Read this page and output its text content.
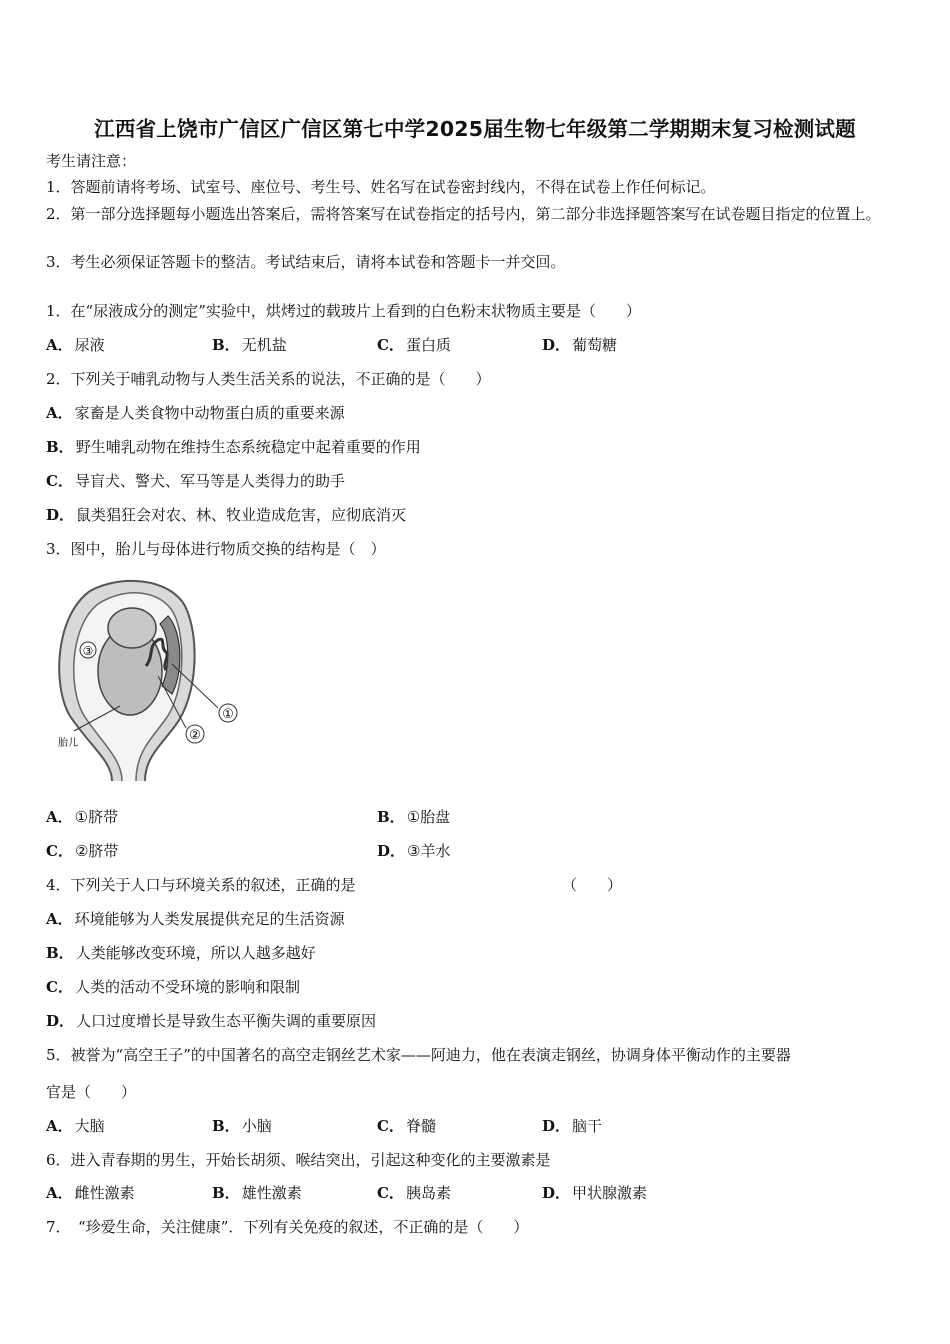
江西省上饶市广信区广信区第七中学2025届生物七年级第二学期期末复习检测试题
考生请注意：
1．答题前请将考场、试室号、座位号、考生号、姓名写在试卷密封线内，不得在试卷上作任何标记。
2．第一部分选择题每小题选出答案后，需将答案写在试卷指定的括号内，第二部分非选择题答案写在试卷题目指定的位置上。
3．考生必须保证答题卡的整洁。考试结束后，请将本试卷和答题卡一并交回。
1．在“尿液成分的测定”实验中，烘烤过的载玻片上看到的白色粉末状物质主要是（　　）
A． 尿液	B． 无机盐	C． 蛋白质	D． 葡萄糖
2．下列关于哺乳动物与人类生活关系的说法，不正确的是（　　）
A． 家畜是人类食物中动物蛋白质的重要来源
B． 野生哺乳动物在维持生态系统稳定中起着重要的作用
C． 导盲犬、警犬、军马等是人类得力的助手
D． 鼠类猖狂会对农、林、牧业造成危害，应彻底消灭
3．图中，胎儿与母体进行物质交换的结构是（　）
①
②
③
胎儿
A． ①脐带	B． ①胎盘
C． ②脐带	D． ③羊水
4．下列关于人口与环境关系的叙述，正确的是	（　　）
A． 环境能够为人类发展提供充足的生活资源
B． 人类能够改变环境，所以人越多越好
C． 人类的活动不受环境的影响和限制
D． 人口过度增长是导致生态平衡失调的重要原因
5．被誉为“高空王子”的中国著名的高空走钢丝艺术家——阿迪力，他在表演走钢丝，协调身体平衡动作的主要器
官是（　　）
A． 大脑	B． 小脑	C． 脊髓	D． 脑干
6．进入青春期的男生，开始长胡须、喉结突出，引起这种变化的主要激素是
A． 雌性激素	B． 雄性激素	C． 胰岛素	D． 甲状腺激素
7．　“珍爱生命，关注健康”．下列有关免疫的叙述，不正确的是（　　）
